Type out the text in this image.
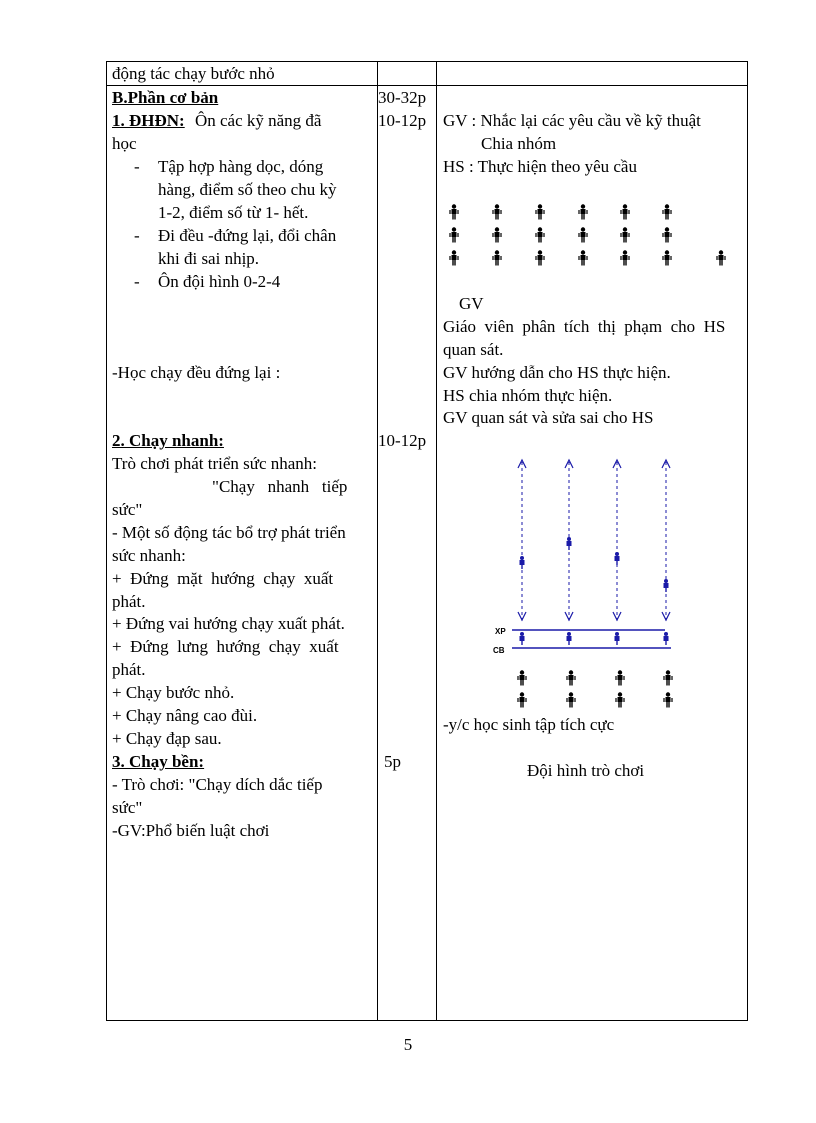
động tác chạy bước nhỏ
B.Phần cơ bản
1. ĐHĐN: Ôn các kỹ năng đã
học
- Tập hợp hàng dọc, dóng
hàng, điểm số theo chu kỳ
1-2, điểm số từ 1- hết.
- Đi đều -đứng lại, đổi chân
khi đi sai nhịp.
- Ôn đội hình 0-2-4
-Học chạy đều đứng lại :
2. Chạy nhanh:
Trò chơi phát triển sức nhanh:
"Chạy   nhanh   tiếp
sức"
- Một số động tác bổ trợ phát triển
sức nhanh:
+  Đứng  mặt  hướng  chạy  xuất
phát.
+ Đứng vai hướng chạy xuất phát.
+  Đứng  lưng  hướng  chạy  xuất
phát.
+ Chạy bước nhỏ.
+ Chạy nâng cao đùi.
+ Chạy đạp sau.
3. Chạy bền:
- Trò chơi: "Chạy dích dắc tiếp
sức"
-GV:Phổ biến luật chơi
30-32p
10-12p
10-12p
5p
GV : Nhắc lại các yêu cầu về kỹ thuật
Chia nhóm
HS : Thực hiện theo yêu cầu
GV
Giáo  viên  phân  tích  thị  phạm  cho  HS
quan sát.
GV hướng dẫn cho HS thực hiện.
HS chia nhóm thực hiện.
GV quan sát và sửa sai cho HS
XP
CB
-y/c học sinh tập tích cực
Đội hình trò chơi
5
